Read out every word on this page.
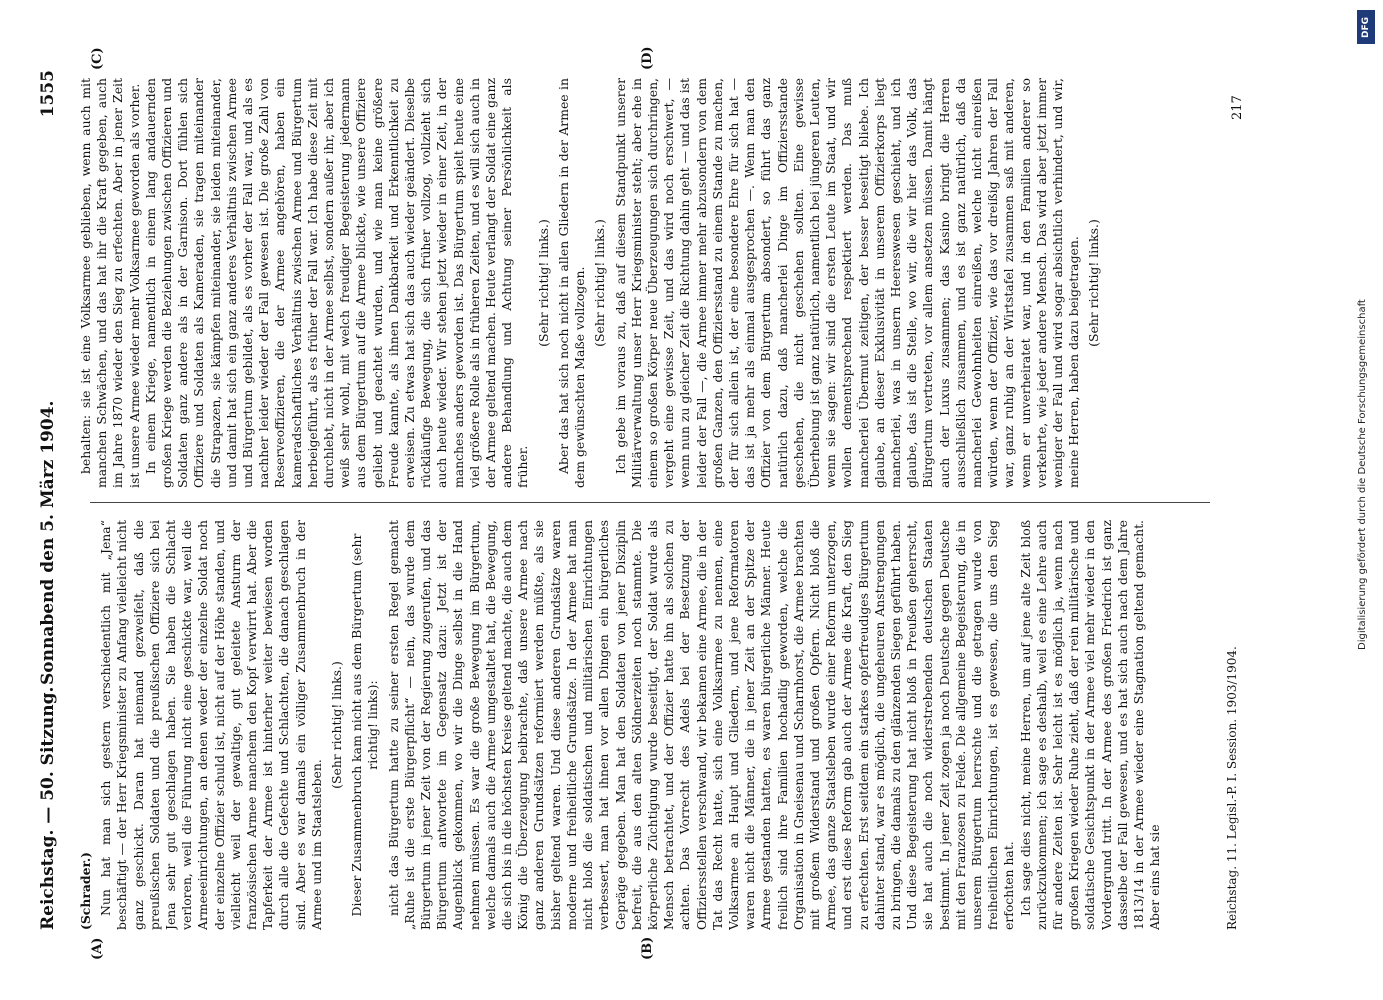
Reichstag. — 50. Sitzung.
Sonnabend den 5. März 1904.
1555
(A)	(B)
(C)	(D)

(Schrader.) Nun hat man sich gestern verschiedentlich mit „Jena“ beschäftigt — der Herr Kriegsminister zu Anfang vielleicht nicht ganz geschickt. Daran hat niemand gezweifelt, daß die preußischen Soldaten und die preußischen Offiziere sich bei Jena sehr gut geschlagen haben. Sie haben die Schlacht verloren, weil die Führung nicht eine geschickte war, weil die Armeeeinrichtungen, an denen weder der einzelne Soldat noch der einzelne Offizier schuld ist, nicht auf der Höhe standen, und vielleicht weil der gewaltige, gut geleitete Ansturm der französischen Armee manchem den Kopf verwirrt hat. Aber die Tapferkeit der Armee ist hinterher weiter bewiesen worden durch alle die Gefechte und Schlachten, die danach geschlagen sind. Aber es war damals ein völliger Zusammenbruch in der Armee und im Staatsleben.

(Sehr richtig! links.) Dieser Zusammenbruch kam nicht aus dem Bürgertum (sehr richtig! links): nicht das Bürgertum hatte zu seiner ersten Regel gemacht „Ruhe ist die erste Bürgerpflicht“ — nein, das wurde dem Bürgertum in jener Zeit von der Regierung zugerufen, und das Bürgertum antwortete im Gegensatz dazu: Jetzt ist der Augenblick gekommen, wo wir die Dinge selbst in die Hand nehmen müssen. Es war die große Bewegung im Bürgertum, welche damals auch die Armee umgestaltet hat, die Bewegung, die sich bis in die höchsten Kreise geltend machte, die auch dem König die Überzeugung beibrachte, daß unsere Armee nach ganz anderen Grundsätzen reformiert werden müßte, als sie bisher geltend waren. Und diese anderen Grundsätze waren moderne und freiheitliche Grundsätze. In der Armee hat man nicht bloß die soldatischen und militärischen Einrichtungen verbessert, man hat ihnen vor allen Dingen ein bürgerliches Gepräge gegeben. Man hat den Soldaten von jener Disziplin befreit, die aus den alten Söldnerzeiten noch stammte. Die körperliche Züchtigung wurde beseitigt, der Soldat wurde als Mensch betrachtet, und der Offizier hatte ihn als solchen zu achten. Das Vorrecht des Adels bei der Besetzung der Offiziersstellen verschwand, wir bekamen eine Armee, die in der Tat das Recht hatte, sich eine Volksarmee zu nennen, eine Volksarmee an Haupt und Gliedern, und jene Reformatoren waren nicht die Männer, die in jener Zeit an der Spitze der Armee gestanden hatten, es waren bürgerliche Männer. Heute freilich sind ihre Familien hochadlig geworden, welche die Organisation in Gneisenau und Scharnhorst, die Armee brachten mit großem Widerstand und großen Opfern. Nicht bloß die Armee, das ganze Staatsleben wurde einer Reform unterzogen, und erst diese Reform gab auch der Armee die Kraft, den Sieg zu erfechten. Erst seitdem ein starkes opferfreudiges Bürgertum dahinter stand, war es möglich, die ungeheuren Anstrengungen zu bringen, die damals zu den glänzenden Siegen geführt haben. Und diese Begeisterung hat nicht bloß in Preußen geherrscht, sie hat auch die noch widerstrebenden deutschen Staaten bestimmt. In jener Zeit zogen ja noch Deutsche gegen Deutsche mit den Franzosen zu Felde. Die allgemeine Begeisterung, die in unserem Bürgertum herrschte und die getragen wurde von freiheitlichen Einrichtungen, ist es gewesen, die uns den Sieg erfochten hat. Ich sage dies nicht, meine Herren, um auf jene alte Zeit bloß zurückzukommen; ich sage es deshalb, weil es eine Lehre auch für andere Zeiten ist. Sehr leicht ist es möglich ja, wenn nach großen Kriegen wieder Ruhe zieht, daß der rein militärische und soldatische Gesichtspunkt in der Armee viel mehr wieder in den Vordergrund tritt. In der Armee des großen Friedrich ist ganz dasselbe der Fall gewesen, und es hat sich auch nach dem Jahre 1813/14 in der Armee wieder eine Stagnation geltend gemacht. Aber eins hat sie

behalten: sie ist eine Volksarmee geblieben, wenn auch mit manchen Schwächen, und das hat ihr die Kraft gegeben, auch im Jahre 1870 wieder den Sieg zu erfechten. Aber in jener Zeit ist unsere Armee wieder mehr Volksarmee geworden als vorher. In einem Kriege, namentlich in einem lang andauernden großen Kriege werden die Beziehungen zwischen Offizieren und Soldaten ganz andere als in der Garnison. Dort fühlen sich Offiziere und Soldaten als Kameraden, sie tragen miteinander die Strapazen, sie kämpfen miteinander, sie leiden miteinander, und damit hat sich ein ganz anderes Verhältnis zwischen Armee und Bürgertum gebildet, als es vorher der Fall war, und als es nachher leider wieder der Fall gewesen ist. Die große Zahl von Reserveoffizieren, die der Armee angehören, haben ein kameradschaftliches Verhältnis zwischen Armee und Bürgertum herbeigeführt, als es früher der Fall war. Ich habe diese Zeit mit durchlebt, nicht in der Armee selbst, sondern außer ihr, aber ich weiß sehr wohl, mit welch freudiger Begeisterung jedermann aus dem Bürgertum auf die Armee blickte, wie unsere Offiziere geliebt und geachtet wurden, und wie man keine größere Freude kannte, als ihnen Dankbarkeit und Erkenntlichkeit zu erweisen. Zu etwas hat sich das auch wieder geändert. Dieselbe rückläufige Bewegung, die sich früher vollzog, vollzieht sich auch heute wieder. Wir stehen jetzt wieder in einer Zeit, in der manches anders geworden ist. Das Bürgertum spielt heute eine viel größere Rolle als in früheren Zeiten, und es will sich auch in der Armee geltend machen. Heute verlangt der Soldat eine ganz andere Behandlung und Achtung seiner Persönlichkeit als früher.

(Sehr richtig! links.) Aber das hat sich noch nicht in allen Gliedern in der Armee in dem gewünschten Maße vollzogen. (Sehr richtig! links.) Ich gebe im voraus zu, daß auf diesem Standpunkt unserer Militärverwaltung unser Herr Kriegsminister steht; aber ehe in einem so großen Körper neue Überzeugungen sich durchringen, vergeht eine gewisse Zeit, und das wird noch erschwert, — wenn nun zu gleicher Zeit die Richtung dahin geht — und das ist leider der Fall —, die Armee immer mehr abzusondern von dem großen Ganzen, den Offiziersstand zu einem Stande zu machen, der für sich allein ist, der eine besondere Ehre für sich hat — das ist ja mehr als einmal ausgesprochen —. Wenn man den Offizier von dem Bürgertum absondert, so führt das ganz natürlich dazu, daß mancherlei Dinge im Offiziersstande geschehen, die nicht geschehen sollten. Eine gewisse Überhebung ist ganz natürlich, namentlich bei jüngeren Leuten, wenn sie sagen: wir sind die ersten Leute im Staat, und wir wollen dementsprechend respektiert werden. Das muß mancherlei Übermut zeitigen, der besser beseitigt bliebe. Ich glaube, an dieser Exklusivität in unserem Offizierkorps liegt mancherlei, was in unsern Heereswesen geschieht, und ich glaube, das ist die Stelle, wo wir, die wir hier das Volk, das Bürgertum vertreten, vor allem ansetzen müssen. Damit hängt auch der Luxus zusammen; das Kasino bringt die Herren ausschließlich zusammen, und es ist ganz natürlich, daß da mancherlei Gewohnheiten einreißen, welche nicht einreißen würden, wenn der Offizier, wie das vor dreißig Jahren der Fall war, ganz ruhig an der Wirtstafel zusammen saß mit anderen, wenn er unverheiratet war, und in den Familien anderer so verkehrte, wie jeder andere Mensch. Das wird aber jetzt immer weniger der Fall und wird sogar absichtlich verhindert, und wir, meine Herren, haben dazu beigetragen. (Sehr richtig! links.)

Reichstag. 11. Legisl.-P. I. Session. 1903/1904.
217
DFG
Digitalisierung gefördert durch die Deutsche Forschungsgemeinschaft
